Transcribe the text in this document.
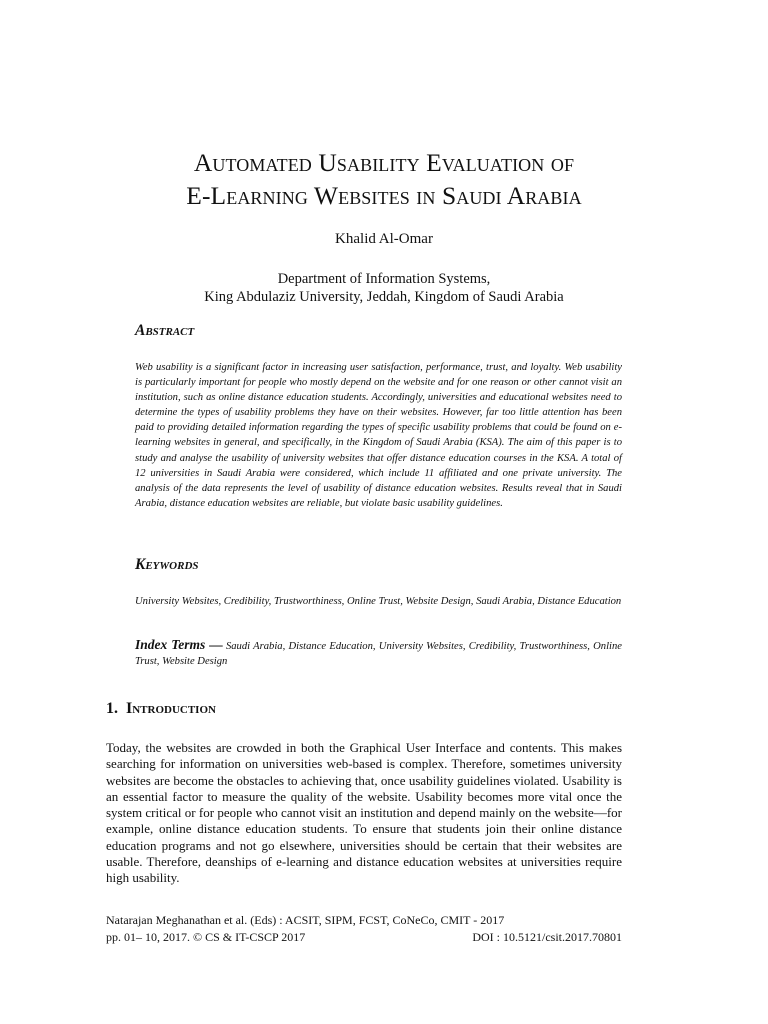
Automated Usability Evaluation of
E-Learning Websites in Saudi Arabia
Khalid Al-Omar
Department of Information Systems,
King Abdulaziz University, Jeddah, Kingdom of Saudi Arabia
Abstract
Web usability is a significant factor in increasing user satisfaction, performance, trust, and loyalty. Web usability is particularly important for people who mostly depend on the website and for one reason or other cannot visit an institution, such as online distance education students. Accordingly, universities and educational websites need to determine the types of usability problems they have on their websites. However, far too little attention has been paid to providing detailed information regarding the types of specific usability problems that could be found on e-learning websites in general, and specifically, in the Kingdom of Saudi Arabia (KSA). The aim of this paper is to study and analyse the usability of university websites that offer distance education courses in the KSA. A total of 12 universities in Saudi Arabia were considered, which include 11 affiliated and one private university. The analysis of the data represents the level of usability of distance education websites. Results reveal that in Saudi Arabia, distance education websites are reliable, but violate basic usability guidelines.
Keywords
University Websites, Credibility, Trustworthiness, Online Trust, Website Design, Saudi Arabia, Distance Education
Index Terms — Saudi Arabia, Distance Education, University Websites, Credibility, Trustworthiness, Online Trust, Website Design
1. Introduction
Today, the websites are crowded in both the Graphical User Interface and contents. This makes searching for information on universities web-based is complex. Therefore, sometimes university websites are become the obstacles to achieving that, once usability guidelines violated. Usability is an essential factor to measure the quality of the website. Usability becomes more vital once the system critical or for people who cannot visit an institution and depend mainly on the website—for example, online distance education students. To ensure that students join their online distance education programs and not go elsewhere, universities should be certain that their websites are usable. Therefore, deanships of e-learning and distance education websites at universities require high usability.
Natarajan Meghanathan et al. (Eds) : ACSIT, SIPM, FCST, CoNeCo, CMIT - 2017
pp. 01– 10, 2017. © CS & IT-CSCP 2017	DOI : 10.5121/csit.2017.70801
